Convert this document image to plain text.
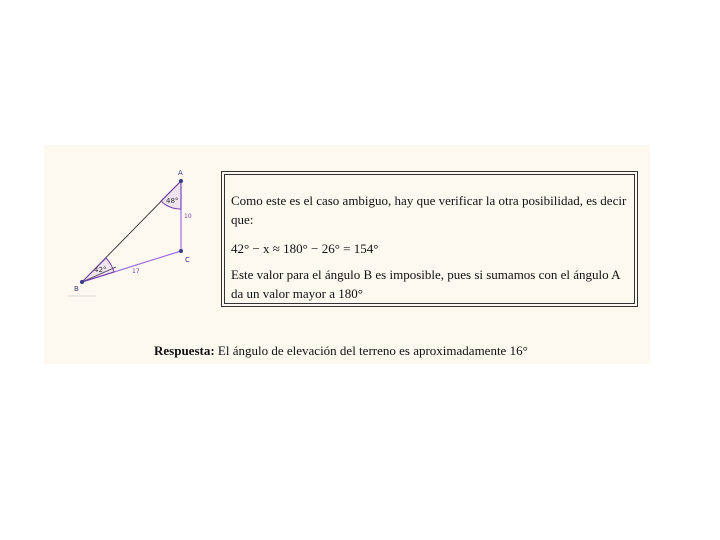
A
B
C
48°
42°
10
17

Como este es el caso ambiguo, hay que verificar la otra posibilidad, es decir que:

42° − x ≈ 180° − 26° = 154°

Este valor para el ángulo B es imposible, pues si sumamos con el ángulo A da un valor mayor a 180°

Respuesta: El ángulo de elevación del terreno es aproximadamente 16°
